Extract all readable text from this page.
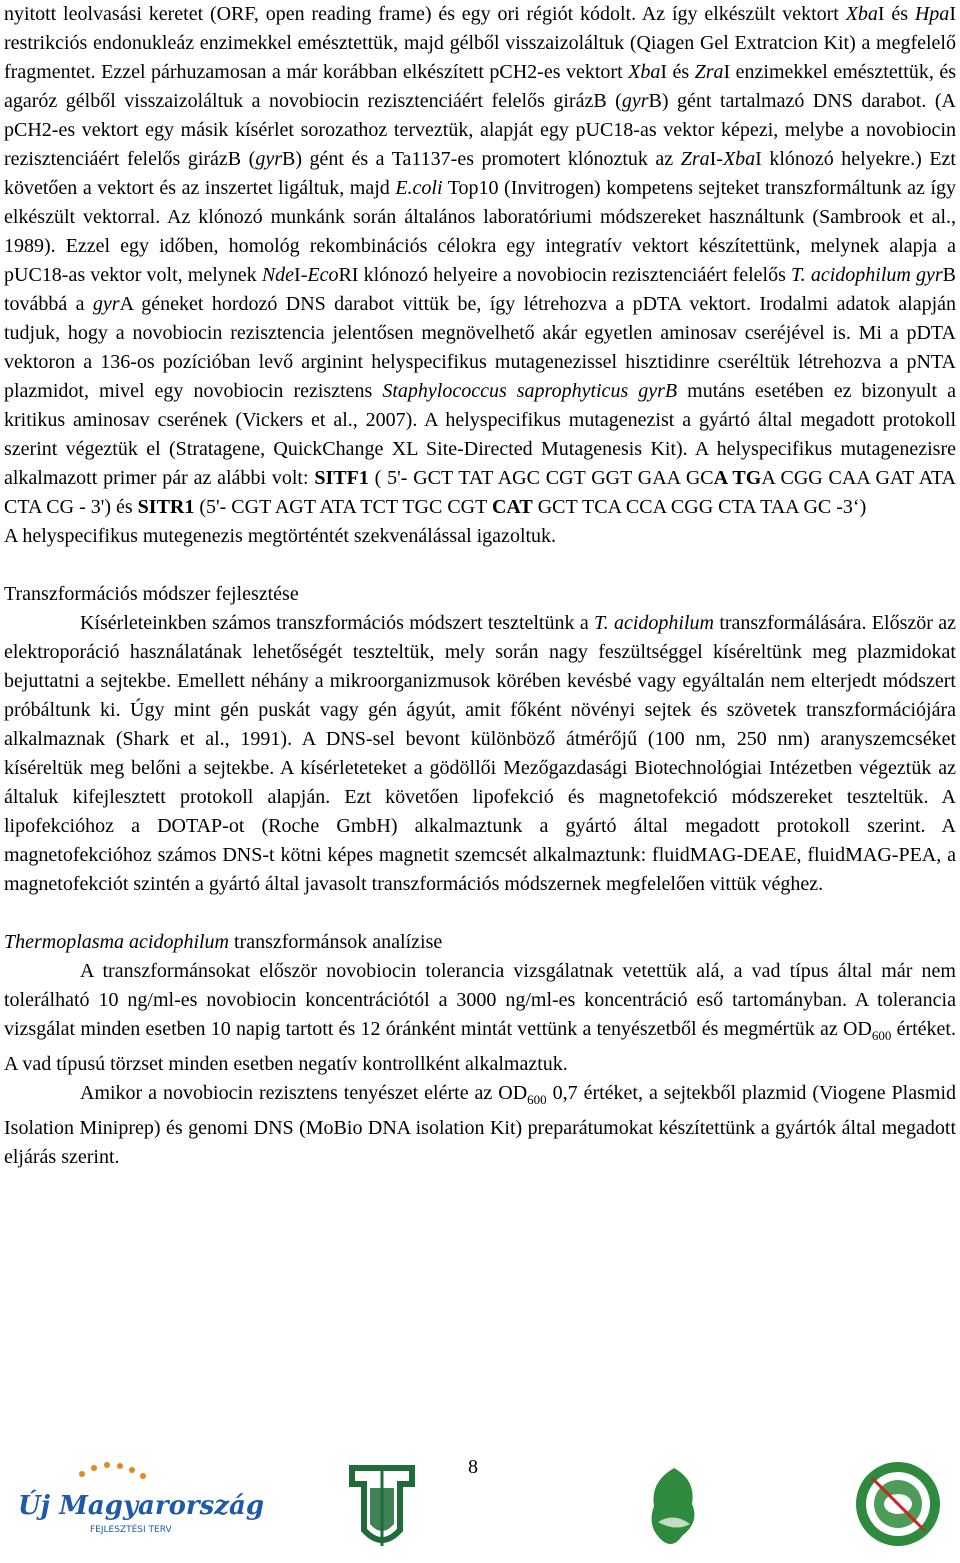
nyitott leolvasási keretet (ORF, open reading frame) és egy ori régiót kódolt. Az így elkészült vektort XbaI és HpaI restrikciós endonukleáz enzimekkel emésztettük, majd gélből visszaizoláltuk (Qiagen Gel Extratcion Kit) a megfelelő fragmentet. Ezzel párhuzamosan a már korábban elkészített pCH2-es vektort XbaI és ZraI enzimekkel emésztettük, és agaróz gélből visszaizoláltuk a novobiocin rezisztenciáért felelős girázB (gyrB) gént tartalmazó DNS darabot. (A pCH2-es vektort egy másik kísérlet sorozathoz terveztük, alapját egy pUC18-as vektor képezi, melybe a novobiocin rezisztenciáért felelős girázB (gyrB) gént és a Ta1137-es promotert klónoztuk az ZraI-XbaI klónozó helyekre.) Ezt követően a vektort és az inszertet ligáltuk, majd E.coli Top10 (Invitrogen) kompetens sejteket transzformáltunk az így elkészült vektorral. Az klónozó munkánk során általános laboratóriumi módszereket használtunk (Sambrook et al., 1989). Ezzel egy időben, homológ rekombinációs célokra egy integratív vektort készítettünk, melynek alapja a pUC18-as vektor volt, melynek NdeI-EcoRI klónozó helyeire a novobiocin rezisztenciáért felelős T. acidophilum gyrB továbbá a gyrA géneket hordozó DNS darabot vittük be, így létrehozva a pDTA vektort. Irodalmi adatok alapján tudjuk, hogy a novobiocin rezisztencia jelentősen megnövelhető akár egyetlen aminosav cseréjével is. Mi a pDTA vektoron a 136-os pozícióban levő arginint helyspecifikus mutagenezissel hisztidinre cseréltük létrehozva a pNTA plazmidot, mivel egy novobiocin rezisztens Staphylococcus saprophyticus gyrB mutáns esetében ez bizonyult a kritikus aminosav cserének (Vickers et al., 2007). A helyspecifikus mutagenezist a gyártó által megadott protokoll szerint végeztük el (Stratagene, QuickChange XL Site-Directed Mutagenesis Kit). A helyspecifikus mutagenezisre alkalmazott primer pár az alábbi volt: SITF1 ( 5'- GCT TAT AGC CGT GGT GAA GCA TGA CGG CAA GAT ATA CTA CG - 3') és SITR1 (5'- CGT AGT ATA TCT TGC CGT CAT GCT TCA CCA CGG CTA TAA GC -3‘)

A helyspecifikus mutegenezis megtörténtét szekvenálással igazoltuk.

Transzformációs módszer fejlesztése

Kísérleteinkben számos transzformációs módszert teszteltünk a T. acidophilum transzformálására. Először az elektroporáció használatának lehetőségét teszteltük, mely során nagy feszültséggel kíséreltünk meg plazmidokat bejuttatni a sejtekbe. Emellett néhány a mikroorganizmusok körében kevésbé vagy egyáltalán nem elterjedt módszert próbáltunk ki. Úgy mint gén puskát vagy gén ágyút, amit főként növényi sejtek és szövetek transzformációjára alkalmaznak (Shark et al., 1991). A DNS-sel bevont különböző átmérőjű (100 nm, 250 nm) aranyszemcséket kíséreltük meg belőni a sejtekbe. A kísérleteteket a gödöllői Mezőgazdasági Biotechnológiai Intézetben végeztük az általuk kifejlesztett protokoll alapján. Ezt követően lipofekció és magnetofekció módszereket teszteltük. A lipofekcióhoz a DOTAP-ot (Roche GmbH) alkalmaztunk a gyártó által megadott protokoll szerint. A magnetofekcióhoz számos DNS-t kötni képes magnetit szemcsét alkalmaztunk: fluidMAG-DEAE, fluidMAG-PEA, a magnetofekciót szintén a gyártó által javasolt transzformációs módszernek megfelelően vittük véghez.

Thermoplasma acidophilum transzformánsok analízise

A transzformánsokat először novobiocin tolerancia vizsgálatnak vetettük alá, a vad típus által már nem tolerálható 10 ng/ml-es novobiocin koncentrációtól a 3000 ng/ml-es koncentráció eső tartományban. A tolerancia vizsgálat minden esetben 10 napig tartott és 12 óránként mintát vettünk a tenyészetből és megmértük az $OD_{600}$ értéket. A vad típusú törzset minden esetben negatív kontrollként alkalmaztuk.

Amikor a novobiocin rezisztens tenyészet elérte az $OD_{600}$ 0,7 értéket, a sejtekből plazmid (Viogene Plasmid Isolation Miniprep) és genomi DNS (MoBio DNA isolation Kit) preparátumokat készítettünk a gyártók által megadott eljárás szerint.

8
Új Magyarország
FEJLESZTÉSI TERV
